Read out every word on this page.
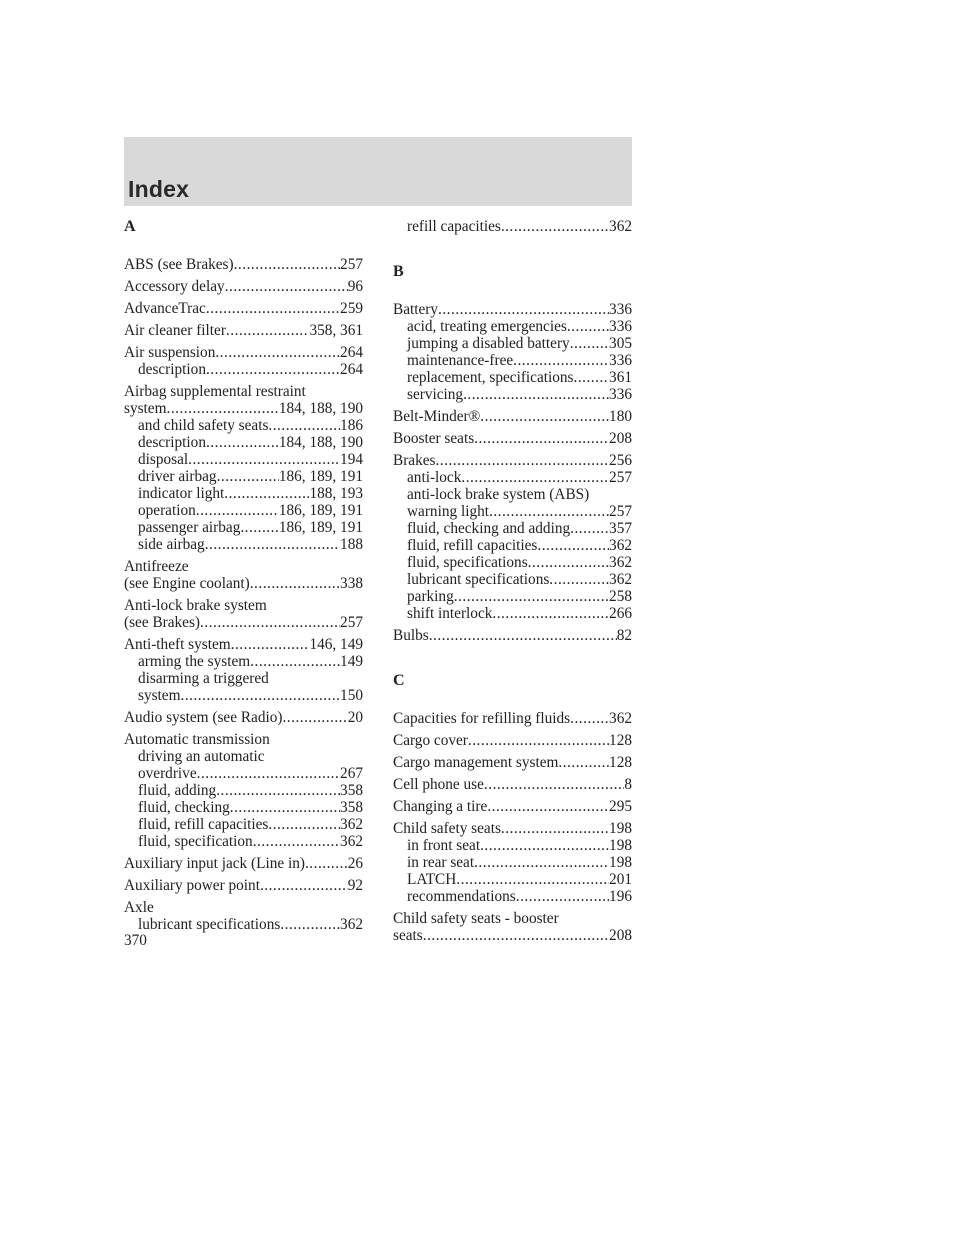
Index
A
ABS (see Brakes) .....	257
Accessory delay .....	96
AdvanceTrac .....	259
Air cleaner filter .....	358, 361
Air suspension .....	264
description .....	264
Airbag supplemental restraint
system .....	184, 188, 190
and child safety seats .....	186
description .....	184, 188, 190
disposal .....	194
driver airbag .....	186, 189, 191
indicator light .....	188, 193
operation .....	186, 189, 191
passenger airbag .....	186, 189, 191
side airbag .....	188
Antifreeze
(see Engine coolant) .....	338
Anti-lock brake system
(see Brakes) .....	257
Anti-theft system .....	146, 149
arming the system .....	149
disarming a triggered
system .....	150
Audio system (see Radio) .....	20
Automatic transmission
driving an automatic
overdrive .....	267
fluid, adding .....	358
fluid, checking .....	358
fluid, refill capacities .....	362
fluid, specification .....	362
Auxiliary input jack (Line in) .....	26
Auxiliary power point .....	92
Axle
lubricant specifications .....	362
refill capacities .....	362
B
Battery .....	336
acid, treating emergencies .....	336
jumping a disabled battery .....	305
maintenance-free .....	336
replacement, specifications ..... 361
servicing .....	336
Belt-Minder® .....	180
Booster seats .....	208
Brakes .....	256
anti-lock .....	257
anti-lock brake system (ABS)
warning light .....	257
fluid, checking and adding .....	357
fluid, refill capacities .....	362
fluid, specifications .....	362
lubricant specifications .....	362
parking .....	258
shift interlock .....	266
Bulbs .....	82
C
Capacities for refilling fluids .....	362
Cargo cover .....	128
Cargo management system .....	128
Cell phone use .....	8
Changing a tire .....	295
Child safety seats .....	198
in front seat .....	198
in rear seat .....	198
LATCH .....	201
recommendations .....	196
Child safety seats - booster
seats .....	208
370
